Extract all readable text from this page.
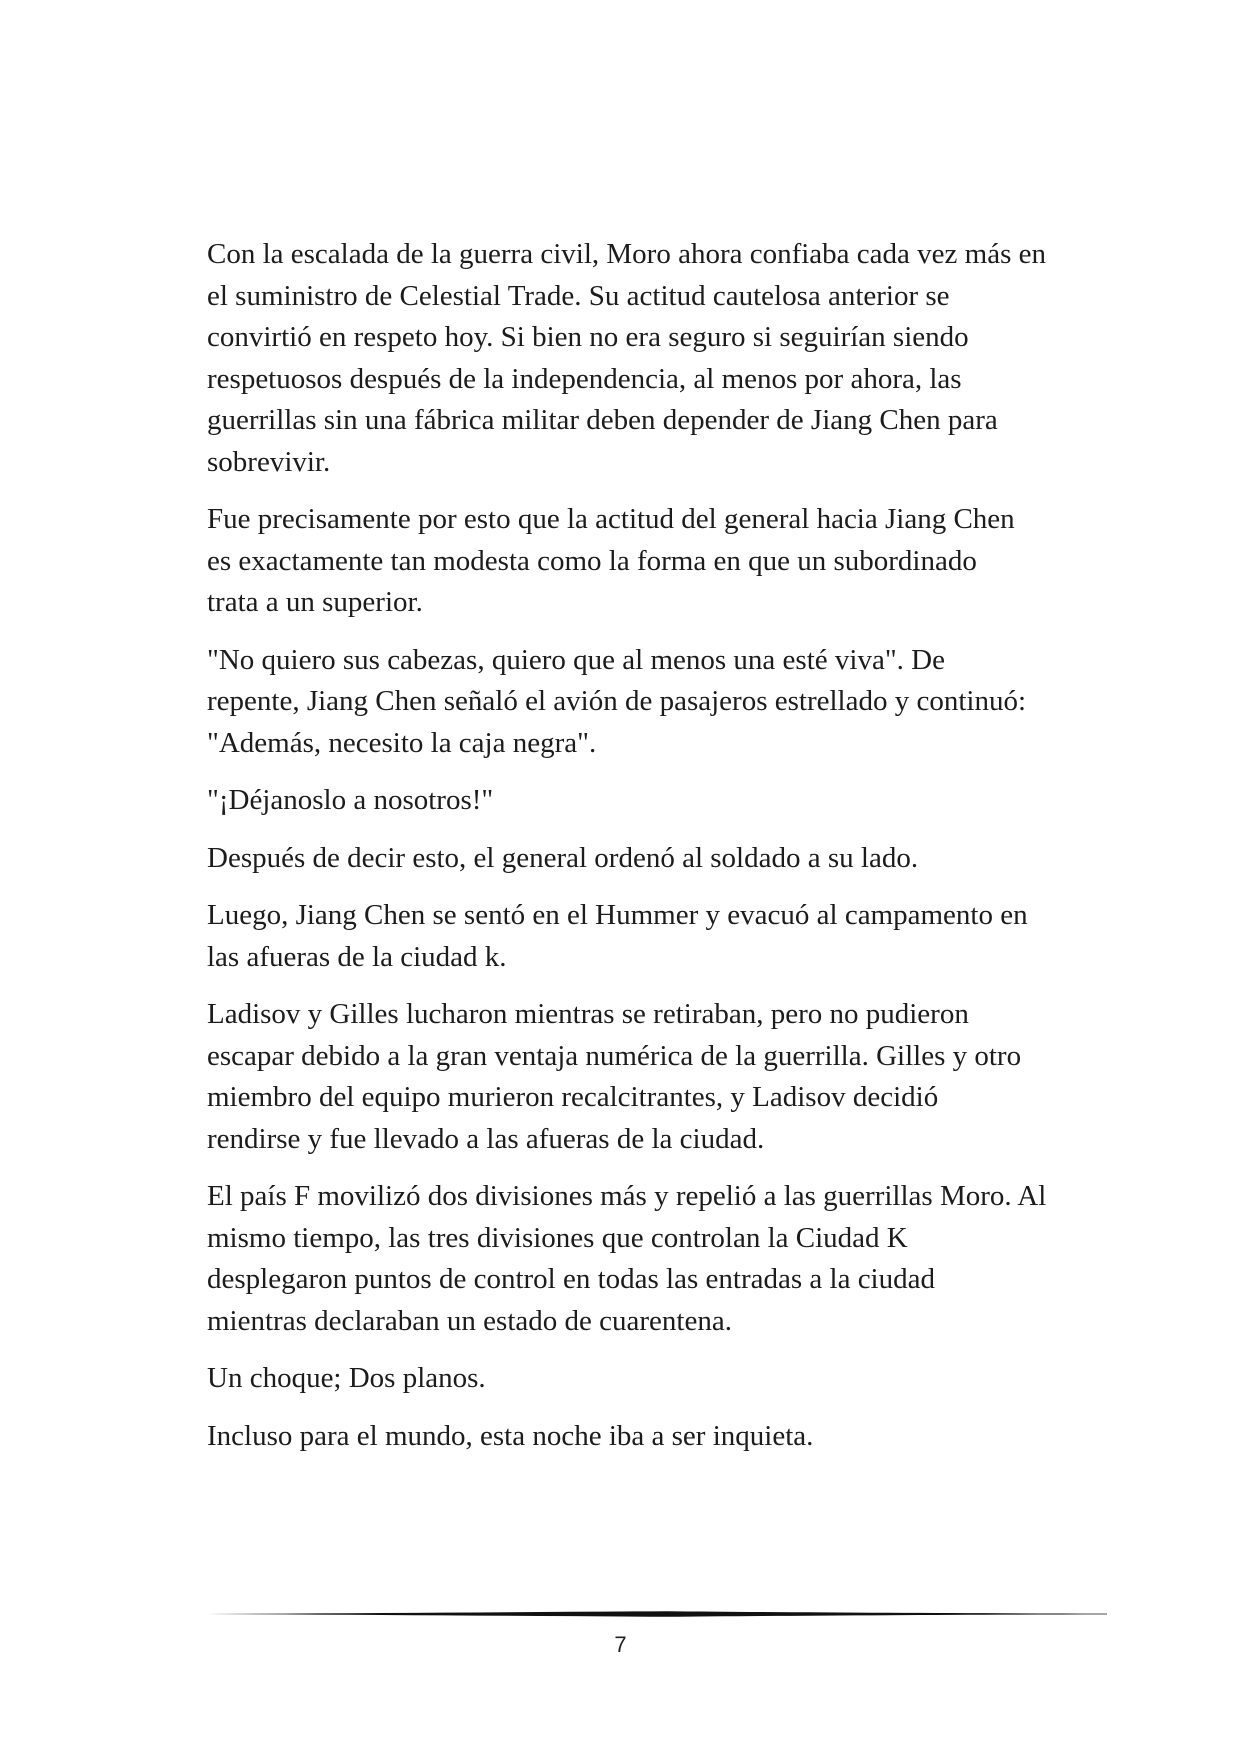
Con la escalada de la guerra civil, Moro ahora confiaba cada vez más en
el suministro de Celestial Trade. Su actitud cautelosa anterior se
convirtió en respeto hoy. Si bien no era seguro si seguirían siendo
respetuosos después de la independencia, al menos por ahora, las
guerrillas sin una fábrica militar deben depender de Jiang Chen para
sobrevivir.

Fue precisamente por esto que la actitud del general hacia Jiang Chen
es exactamente tan modesta como la forma en que un subordinado
trata a un superior.

"No quiero sus cabezas, quiero que al menos una esté viva". De
repente, Jiang Chen señaló el avión de pasajeros estrellado y continuó:
"Además, necesito la caja negra".

"¡Déjanoslo a nosotros!"

Después de decir esto, el general ordenó al soldado a su lado.

Luego, Jiang Chen se sentó en el Hummer y evacuó al campamento en
las afueras de la ciudad k.

Ladisov y Gilles lucharon mientras se retiraban, pero no pudieron
escapar debido a la gran ventaja numérica de la guerrilla. Gilles y otro
miembro del equipo murieron recalcitrantes, y Ladisov decidió
rendirse y fue llevado a las afueras de la ciudad.

El país F movilizó dos divisiones más y repelió a las guerrillas Moro. Al
mismo tiempo, las tres divisiones que controlan la Ciudad K
desplegaron puntos de control en todas las entradas a la ciudad
mientras declaraban un estado de cuarentena.

Un choque; Dos planos.

Incluso para el mundo, esta noche iba a ser inquieta.

7
